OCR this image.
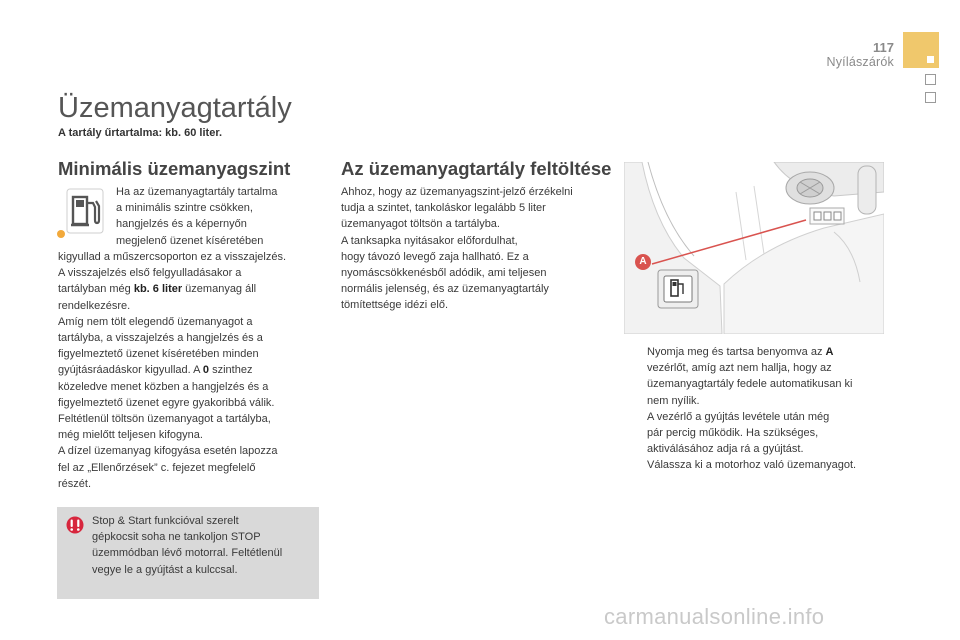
117
Nyílászárók
Üzemanyagtartály
A tartály űrtartalma: kb. 60 liter.
Minimális üzemanyagszint
Ha az üzemanyagtartály tartalma
a minimális szintre csökken,
hangjelzés és a képernyőn
megjelenő üzenet kíséretében
kigyullad a műszercsoporton ez a visszajelzés.
A visszajelzés első felgyulladásakor a
tartályban még kb. 6 liter üzemanyag áll
rendelkezésre.
Amíg nem tölt elegendő üzemanyagot a
tartályba, a visszajelzés a hangjelzés és a
figyelmeztető üzenet kíséretében minden
gyújtásráadáskor kigyullad. A 0 szinthez
közeledve menet közben a hangjelzés és a
figyelmeztető üzenet egyre gyakoribbá válik.
Feltétlenül töltsön üzemanyagot a tartályba,
még mielőtt teljesen kifogyna.
A dízel üzemanyag kifogyása esetén lapozza
fel az „Ellenőrzések” c. fejezet megfelelő
részét.
Stop & Start funkcióval szerelt
gépkocsit soha ne tankoljon STOP
üzemmódban lévő motorral. Feltétlenül
vegye le a gyújtást a kulccsal.
Az üzemanyagtartály feltöltése
Ahhoz, hogy az üzemanyagszint-jelző érzékelni
tudja a szintet, tankoláskor legalább 5 liter
üzemanyagot töltsön a tartályba.
A tanksapka nyitásakor előfordulhat,
hogy távozó levegő zaja hallható. Ez a
nyomáscsökkenésből adódik, ami teljesen
normális jelenség, és az üzemanyagtartály
tömítettsége idézi elő.
A
Nyomja meg és tartsa benyomva az A
vezérlőt, amíg azt nem hallja, hogy az
üzemanyagtartály fedele automatikusan ki
nem nyílik.
A vezérlő a gyújtás levétele után még
pár percig működik. Ha szükséges,
aktiválásához adja rá a gyújtást.
Válassza ki a motorhoz való üzemanyagot.
carmanualsonline.info
